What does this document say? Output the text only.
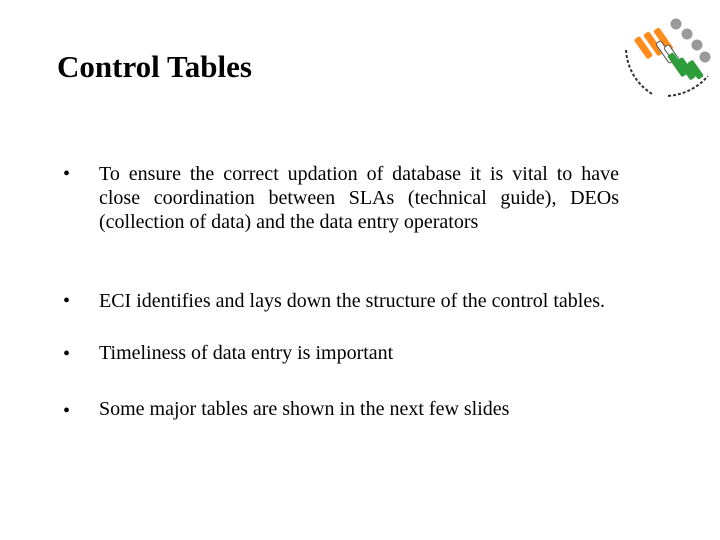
Control Tables
• To ensure the correct updation of database it is vital to have close coordination between SLAs (technical guide), DEOs (collection of data) and the data entry operators
• ECI identifies and lays down the structure of the control tables.
• Timeliness of data entry is important
• Some major tables are shown in the next few slides
